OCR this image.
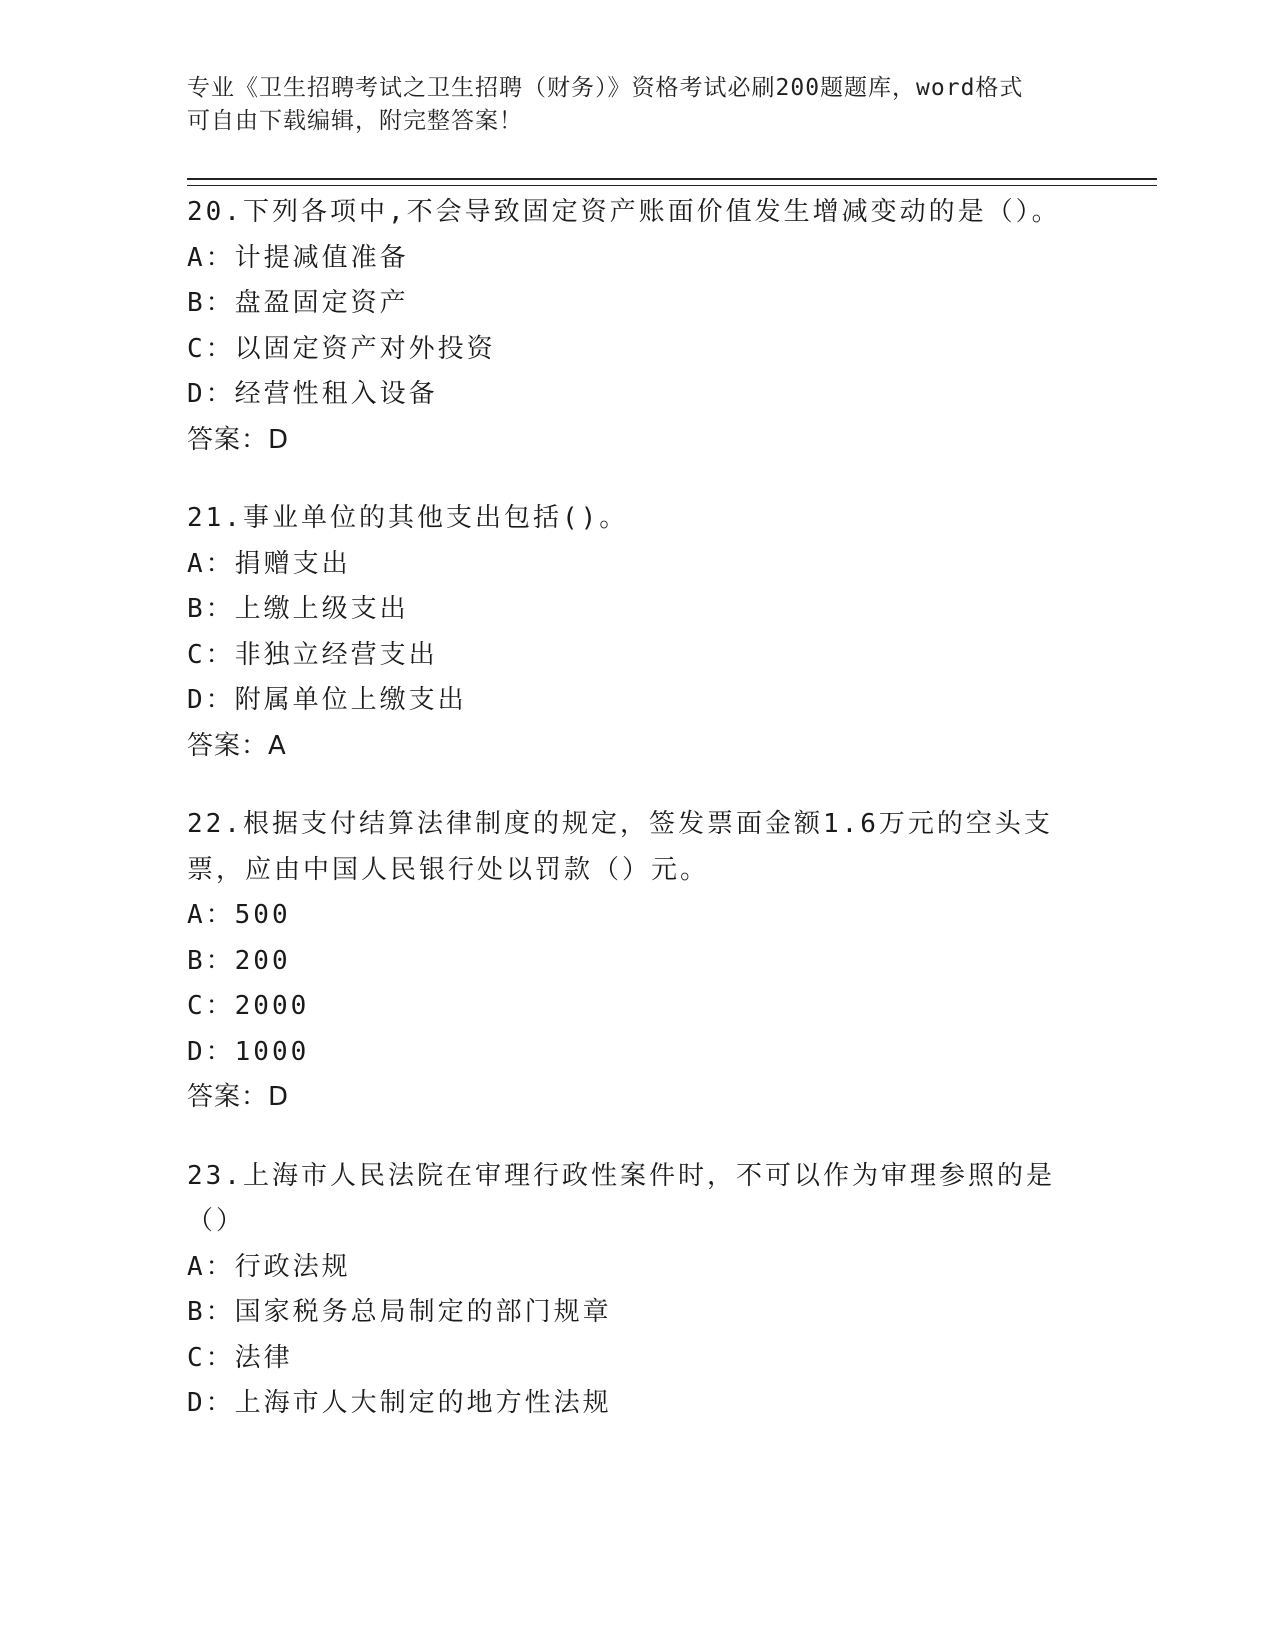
专业《卫生招聘考试之卫生招聘（财务）》资格考试必刷200题题库，word格式
可自由下载编辑，附完整答案！
20.下列各项中,不会导致固定资产账面价值发生增减变动的是（）。
A：计提减值准备
B：盘盈固定资产
C：以固定资产对外投资
D：经营性租入设备
答案：D
21.事业单位的其他支出包括()。
A：捐赠支出
B：上缴上级支出
C：非独立经营支出
D：附属单位上缴支出
答案：A
22.根据支付结算法律制度的规定，签发票面金额1.6万元的空头支票，应由中国人民银行处以罚款（）元。
A：500
B：200
C：2000
D：1000
答案：D
23.上海市人民法院在审理行政性案件时，不可以作为审理参照的是（）
A：行政法规
B：国家税务总局制定的部门规章
C：法律
D：上海市人大制定的地方性法规
